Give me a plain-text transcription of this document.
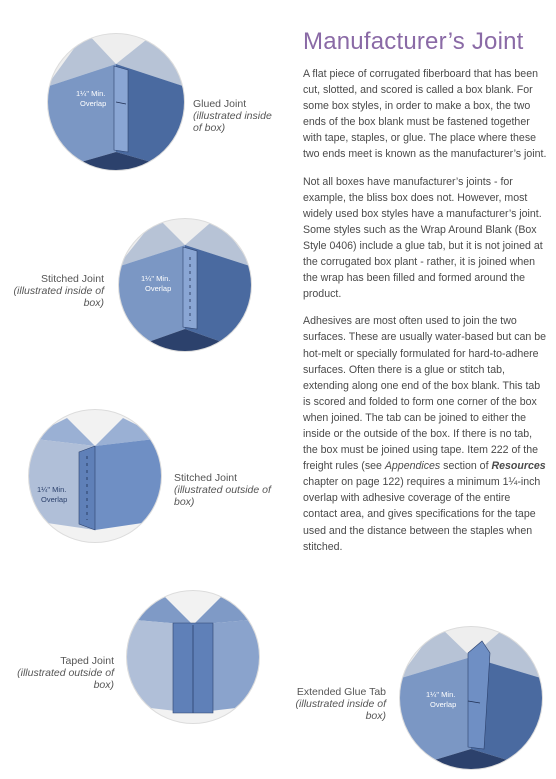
1¼" Min.
Overlap	Glued Joint
(illustrated inside of box)
1¼" Min.
Overlap
Stitched Joint
(illustrated inside of box)
1¼" Min.
Overlap
Stitched Joint
(illustrated outside of box)
Taped Joint
(illustrated outside of box)
1¼" Min.
Overlap
Extended Glue Tab
(illustrated inside of box)
Manufacturer’s Joint

A flat piece of corrugated fiberboard that has been cut, slotted, and scored is called a box blank. For some box styles, in order to make a box, the two ends of the box blank must be fastened together with tape, staples, or glue. The place where these two ends meet is known as the manufacturer’s joint.

Not all boxes have manufacturer’s joints - for example, the bliss box does not. However, most widely used box styles have a manufacturer’s joint. Some styles such as the Wrap Around Blank (Box Style 0406) include a glue tab, but it is not joined at the corrugated box plant - rather, it is joined when the wrap has been filled and formed around the product.

Adhesives are most often used to join the two surfaces. These are usually water-based but can be hot-melt or specially formulated for hard-to-adhere surfaces. Often there is a glue or stitch tab, extending along one end of the box blank. This tab is scored and folded to form one corner of the box when joined. The tab can be joined to either the inside or the outside of the box. If there is no tab, the box must be joined using tape. Item 222 of the freight rules (see Appendices section of Resources chapter on page 122) requires a minimum 1¼-inch overlap with adhesive coverage of the entire contact area, and gives specifications for the tape used and the distance between the staples when stitched.
